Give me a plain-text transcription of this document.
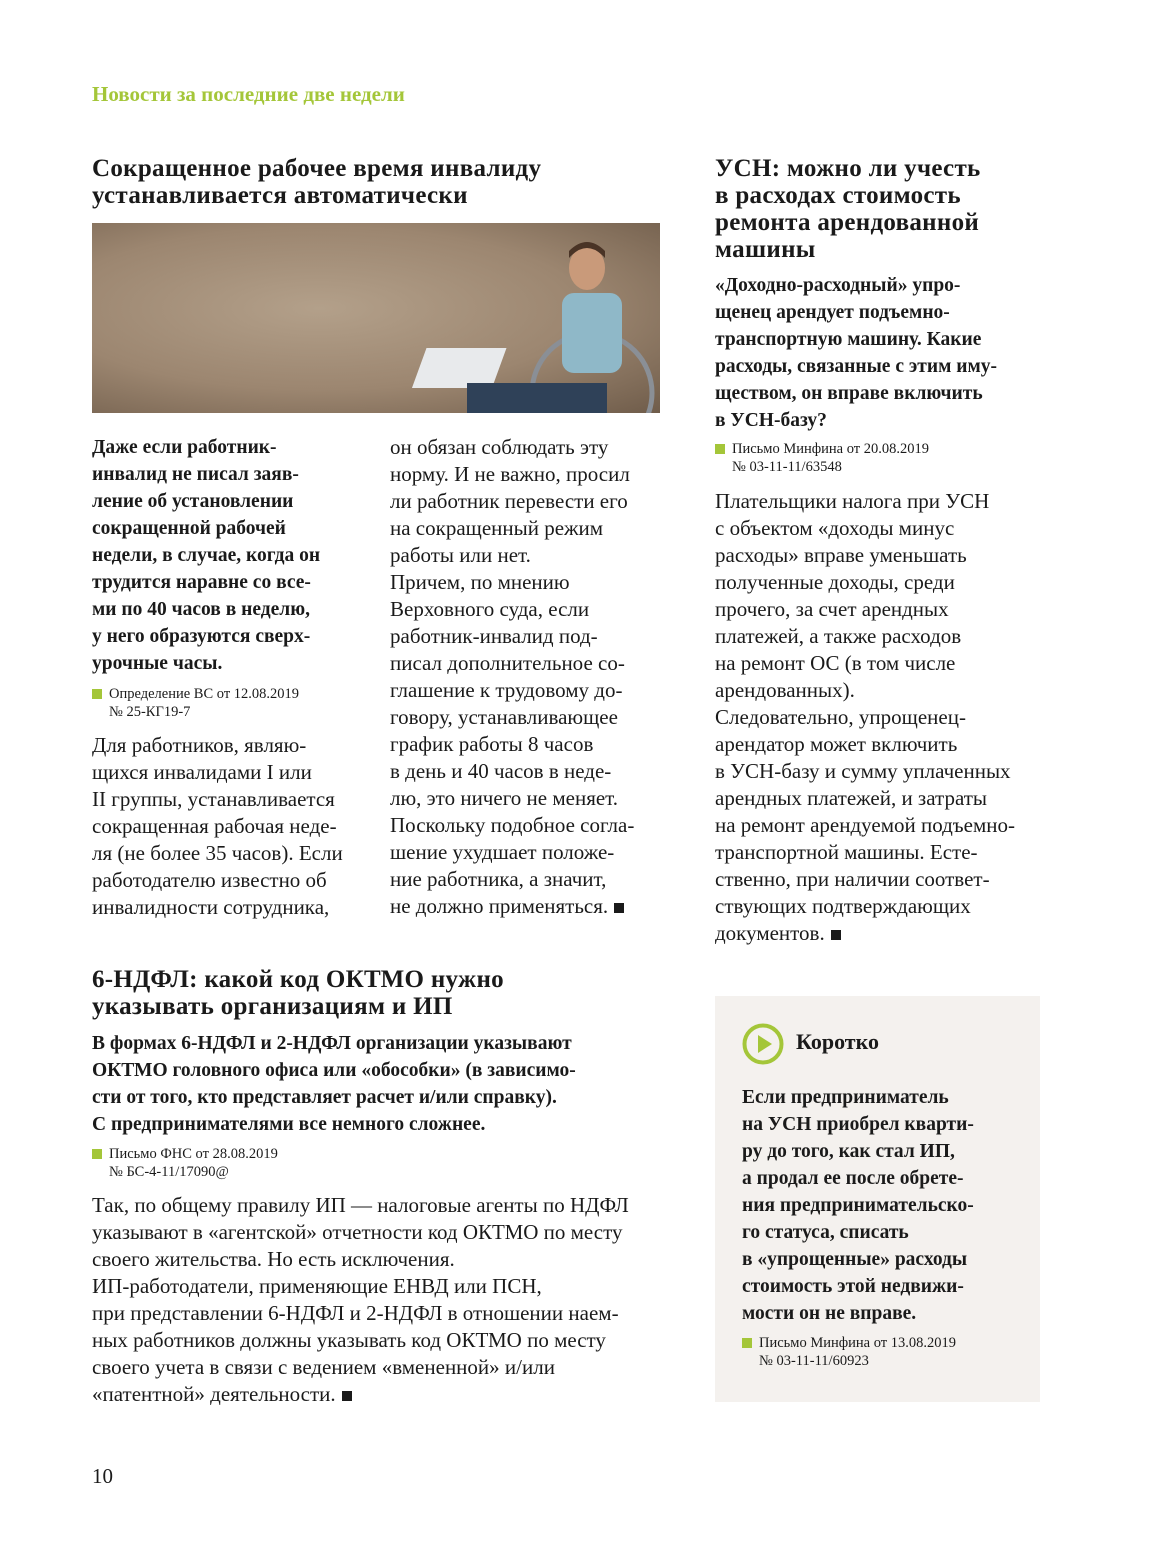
Новости за последние две недели
Сокращенное рабочее время инвалиду
устанавливается автоматически
Даже если работник-
инвалид не писал заяв-
ление об установлении
сокращенной рабочей
недели, в случае, когда он
трудится наравне со все-
ми по 40 часов в неделю,
у него образуются сверх-
урочные часы.
Определение ВС от 12.08.2019
№ 25-КГ19-7
Для работников, являю-
щихся инвалидами I или
II группы, устанавливается
сокращенная рабочая неде-
ля (не более 35 часов). Если
работодателю известно об
инвалидности сотрудника,
он обязан соблюдать эту
норму. И не важно, просил
ли работник перевести его
на сокращенный режим
работы или нет.
Причем, по мнению
Верховного суда, если
работник-инвалид под-
писал дополнительное со-
глашение к трудовому до-
говору, устанавливающее
график работы 8 часов
в день и 40 часов в неде-
лю, это ничего не меняет.
Поскольку подобное согла-
шение ухудшает положе-
ние работника, а значит,
не должно применяться.
УСН: можно ли учесть
в расходах стоимость
ремонта арендованной
машины
«Доходно-расходный» упро-
щенец арендует подъемно-
транспортную машину. Какие
расходы, связанные с этим иму-
ществом, он вправе включить
в УСН-базу?
Письмо Минфина от 20.08.2019
№ 03-11-11/63548
Плательщики налога при УСН
с объектом «доходы минус
расходы» вправе уменьшать
полученные доходы, среди
прочего, за счет арендных
платежей, а также расходов
на ремонт ОС (в том числе
арендованных).
Следовательно, упрощенец-
арендатор может включить
в УСН-базу и сумму уплаченных
арендных платежей, и затраты
на ремонт арендуемой подъемно-
транспортной машины. Есте-
ственно, при наличии соответ-
ствующих подтверждающих
документов.
6-НДФЛ: какой код ОКТМО нужно
указывать организациям и ИП
В формах 6-НДФЛ и 2-НДФЛ организации указывают
ОКТМО головного офиса или «обособки» (в зависимо-
сти от того, кто представляет расчет и/или справку).
С предпринимателями все немного сложнее.
Письмо ФНС от 28.08.2019
№ БС-4-11/17090@
Так, по общему правилу ИП — налоговые агенты по НДФЛ
указывают в «агентской» отчетности код ОКТМО по месту
своего жительства. Но есть исключения.
ИП-работодатели, применяющие ЕНВД или ПСН,
при представлении 6-НДФЛ и 2-НДФЛ в отношении наем-
ных работников должны указывать код ОКТМО по месту
своего учета в связи с ведением «вмененной» и/или
«патентной» деятельности.
Коротко
Если предприниматель
на УСН приобрел кварти-
ру до того, как стал ИП,
а продал ее после обрете-
ния предпринимательско-
го статуса, списать
в «упрощенные» расходы
стоимость этой недвижи-
мости он не вправе.
Письмо Минфина от 13.08.2019
№ 03-11-11/60923
10
